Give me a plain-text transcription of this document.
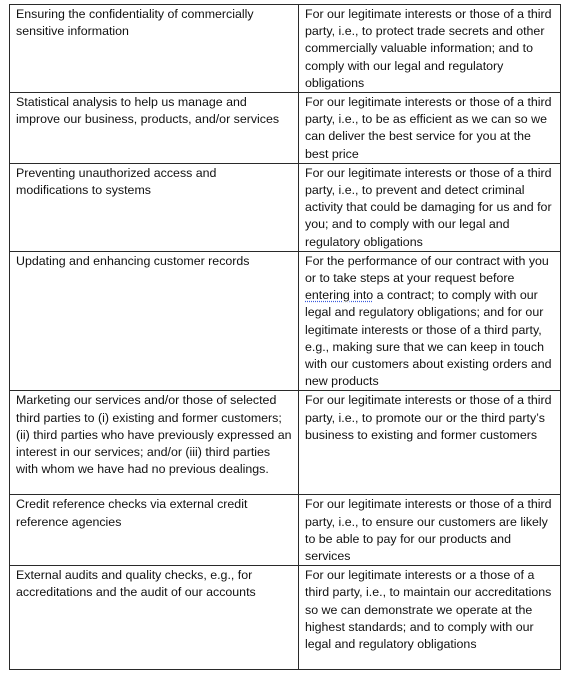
Ensuring the confidentiality of commercially sensitive information	For our legitimate interests or those of a third party, i.e., to protect trade secrets and other commercially valuable information; and to comply with our legal and regulatory obligations
Statistical analysis to help us manage and improve our business, products, and/or services	For our legitimate interests or those of a third party, i.e., to be as efficient as we can so we can deliver the best service for you at the best price
Preventing unauthorized access and modifications to systems	For our legitimate interests or those of a third party, i.e., to prevent and detect criminal activity that could be damaging for us and for you; and to comply with our legal and regulatory obligations
Updating and enhancing customer records	For the performance of our contract with you or to take steps at your request before entering into a contract; to comply with our legal and regulatory obligations; and for our legitimate interests or those of a third party, e.g., making sure that we can keep in touch with our customers about existing orders and new products
Marketing our services and/or those of selected third parties to (i) existing and former customers; (ii) third parties who have previously expressed an interest in our services; and/or (iii) third parties with whom we have had no previous dealings.	For our legitimate interests or those of a third party, i.e., to promote our or the third party’s business to existing and former customers
Credit reference checks via external credit reference agencies	For our legitimate interests or those of a third party, i.e., to ensure our customers are likely to be able to pay for our products and services
External audits and quality checks, e.g., for accreditations and the audit of our accounts	For our legitimate interests or a those of a third party, i.e., to maintain our accreditations so we can demonstrate we operate at the highest standards; and to comply with our legal and regulatory obligations
